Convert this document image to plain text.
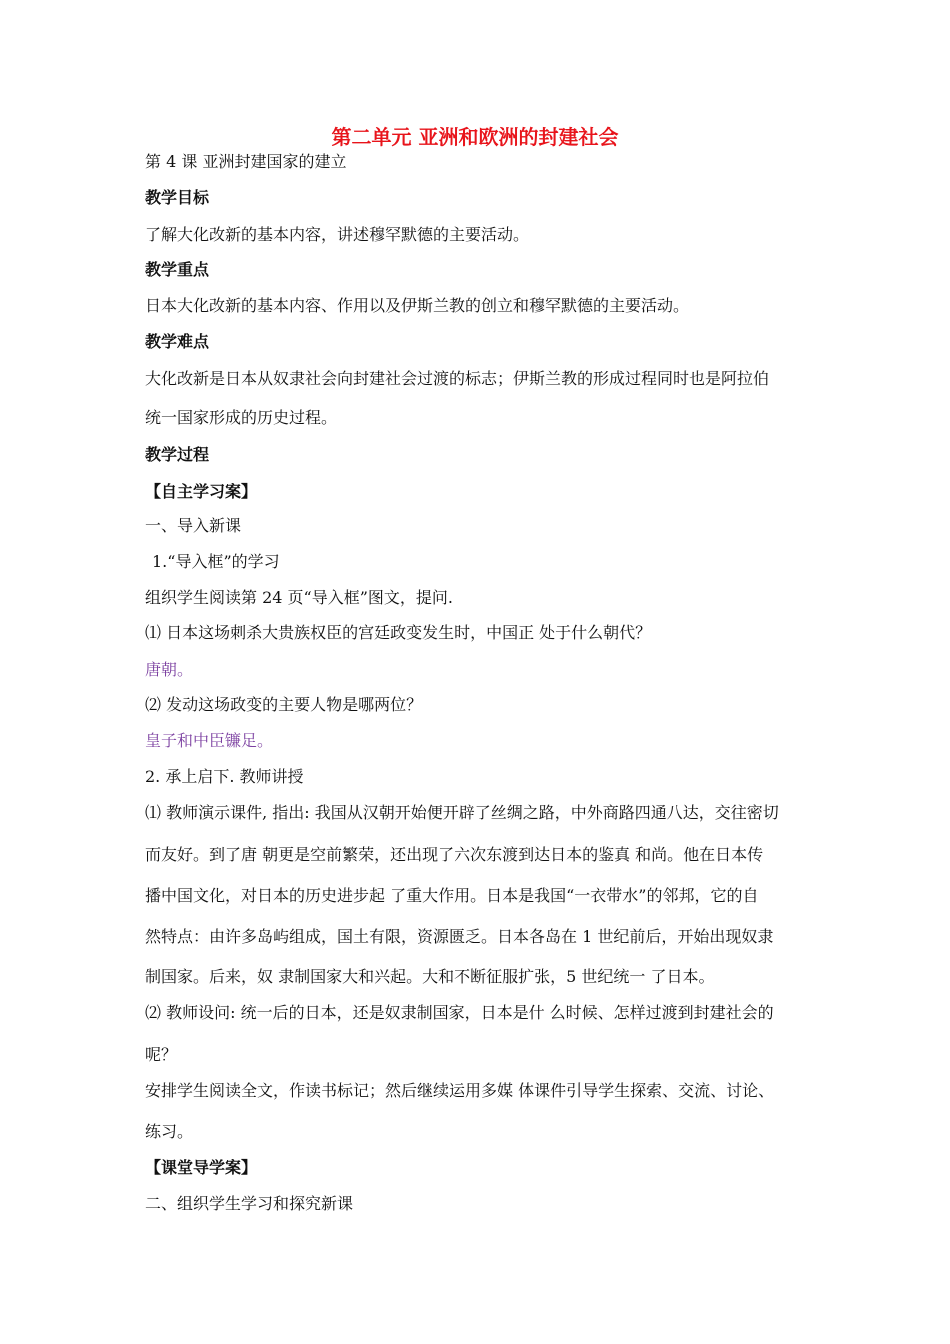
第二单元 亚洲和欧洲的封建社会
第 4 课 亚洲封建国家的建立
教学目标
了解大化改新的基本内容，讲述穆罕默德的主要活动。
教学重点
日本大化改新的基本内容、作用以及伊斯兰教的创立和穆罕默德的主要活动。
教学难点
大化改新是日本从奴隶社会向封建社会过渡的标志；伊斯兰教的形成过程同时也是阿拉伯
统一国家形成的历史过程。
教学过程
【自主学习案】
一、导入新课
1.“导入框”的学习
组织学生阅读第 24 页“导入框”图文，提问.
⑴ 日本这场刺杀大贵族权臣的宫廷政变发生时，中国正 处于什么朝代？
唐朝。
⑵ 发动这场政变的主要人物是哪两位？
皇子和中臣镰足。
2. 承上启下. 教师讲授
⑴ 教师演示课件, 指出: 我国从汉朝开始便开辟了丝绸之路，中外商路四通八达，交往密切
而友好。到了唐 朝更是空前繁荣，还出现了六次东渡到达日本的鉴真 和尚。他在日本传
播中国文化，对日本的历史进步起 了重大作用。日本是我国“一衣带水”的邻邦，它的自
然特点：由许多岛屿组成，国土有限，资源匮乏。日本各岛在 1 世纪前后，开始出现奴隶
制国家。后来，奴 隶制国家大和兴起。大和不断征服扩张，5 世纪统一 了日本。
⑵ 教师设问: 统一后的日本，还是奴隶制国家，日本是什 么时候、怎样过渡到封建社会的
呢？
安排学生阅读全文，作读书标记；然后继续运用多媒 体课件引导学生探索、交流、讨论、
练习。
【课堂导学案】
二、组织学生学习和探究新课
